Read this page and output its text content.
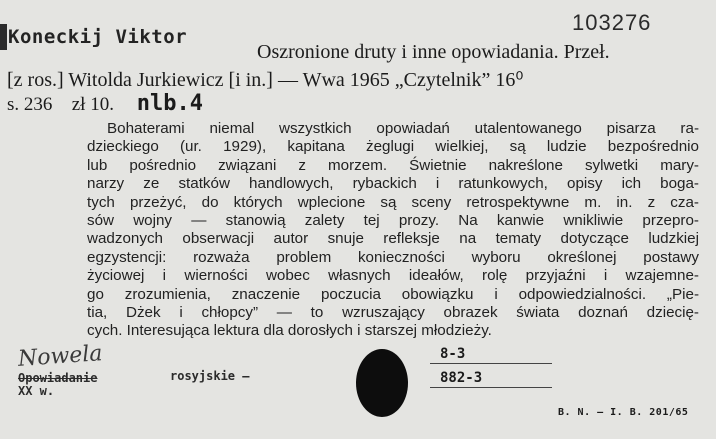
103276
Koneckij Viktor
Oszronione druty i inne opowiadania. Przeł.
[z ros.] Witolda Jurkiewicz [i in.] — Wwa 1965 „Czytelnik” 16⁰
s. 236 zł 10. nlb.4
Bohaterami niemal wszystkich opowiadań utalentowanego pisarza ra-
dzieckiego (ur. 1929), kapitana żeglugi wielkiej, są ludzie bezpośrednio
lub pośrednio związani z morzem. Świetnie nakreślone sylwetki mary-
narzy ze statków handlowych, rybackich i ratunkowych, opisy ich boga-
tych przeżyć, do których wplecione są sceny retrospektywne m. in. z cza-
sów wojny — stanowią zalety tej prozy. Na kanwie wnikliwie przepro-
wadzonych obserwacji autor snuje refleksje na tematy dotyczące ludzkiej
egzystencji: rozważa problem konieczności wyboru określonej postawy
życiowej i wierności wobec własnych ideałów, rolę przyjaźni i wzajemne-
go zrozumienia, znaczenie poczucia obowiązku i odpowiedzialności. „Pie-
tia, Dżek i chłopcy” — to wzruszający obrazek świata doznań dziecię-
cych. Interesująca lektura dla dorosłych i starszej młodzieży.
Nowela
Opowiadanie	rosyjskie —
XX w.
8-3
882-3
B. N. — I. B. 201/65
